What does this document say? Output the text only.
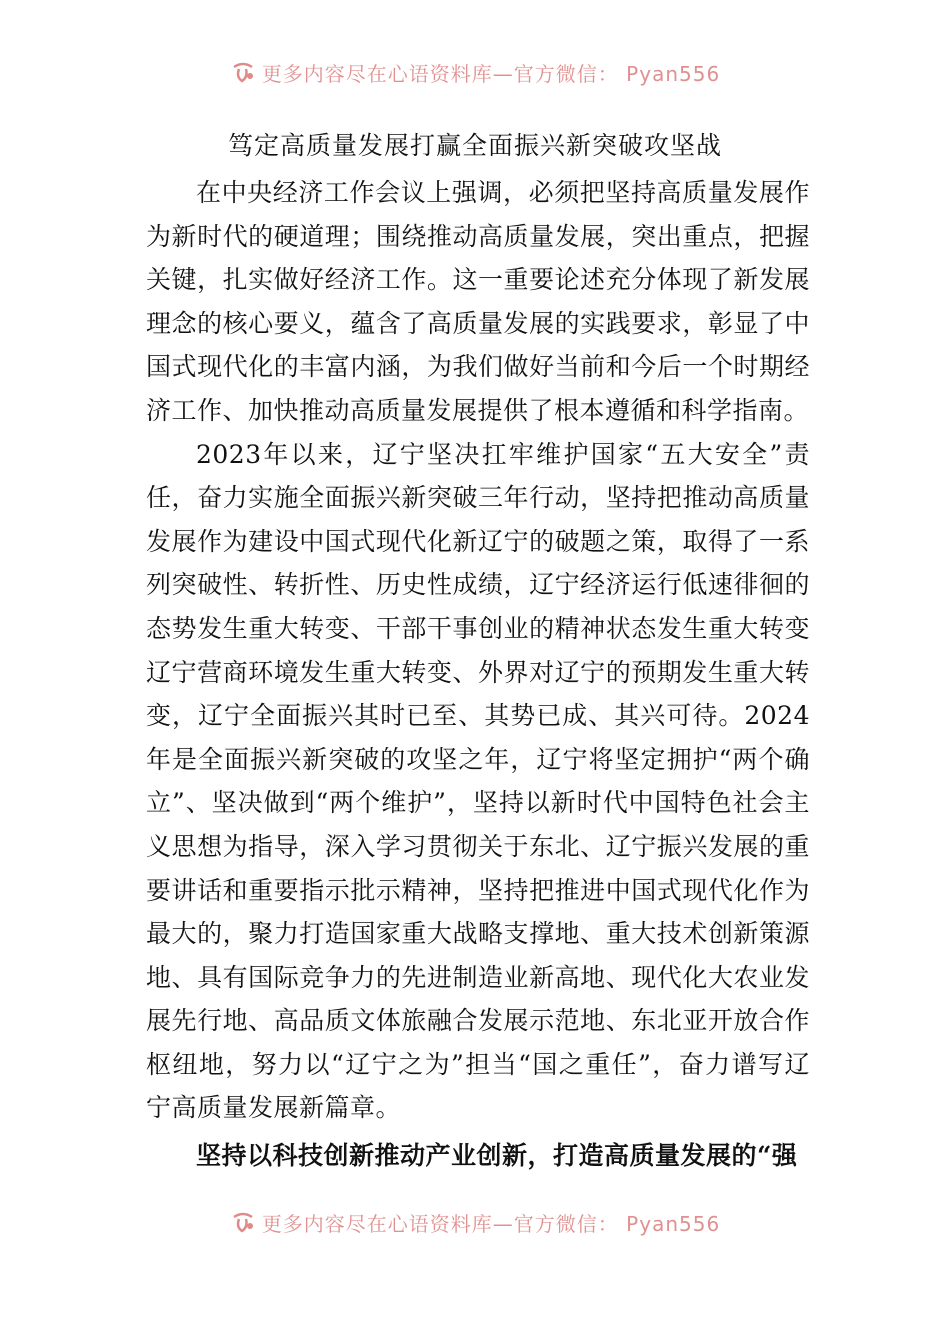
更多内容尽在心语资料库—官方微信： Pyan556
笃定高质量发展打赢全面振兴新突破攻坚战

在中央经济工作会议上强调，必须把坚持高质量发展作为新时代的硬道理；围绕推动高质量发展，突出重点，把握关键，扎实做好经济工作。这一重要论述充分体现了新发展理念的核心要义，蕴含了高质量发展的实践要求，彰显了中国式现代化的丰富内涵，为我们做好当前和今后一个时期经济工作、加快推动高质量发展提供了根本遵循和科学指南。

2023年以来，辽宁坚决扛牢维护国家“五大安全”责任，奋力实施全面振兴新突破三年行动，坚持把推动高质量发展作为建设中国式现代化新辽宁的破题之策，取得了一系列突破性、转折性、历史性成绩，辽宁经济运行低速徘徊的态势发生重大转变、干部干事创业的精神状态发生重大转变辽宁营商环境发生重大转变、外界对辽宁的预期发生重大转变，辽宁全面振兴其时已至、其势已成、其兴可待。2024年是全面振兴新突破的攻坚之年，辽宁将坚定拥护“两个确立”、坚决做到“两个维护”，坚持以新时代中国特色社会主义思想为指导，深入学习贯彻关于东北、辽宁振兴发展的重要讲话和重要指示批示精神，坚持把推进中国式现代化作为最大的，聚力打造国家重大战略支撑地、重大技术创新策源地、具有国际竞争力的先进制造业新高地、现代化大农业发展先行地、高品质文体旅融合发展示范地、东北亚开放合作枢纽地，努力以“辽宁之为”担当“国之重任”，奋力谱写辽宁高质量发展新篇章。

坚持以科技创新推动产业创新，打造高质量发展的“强

更多内容尽在心语资料库—官方微信： Pyan556
